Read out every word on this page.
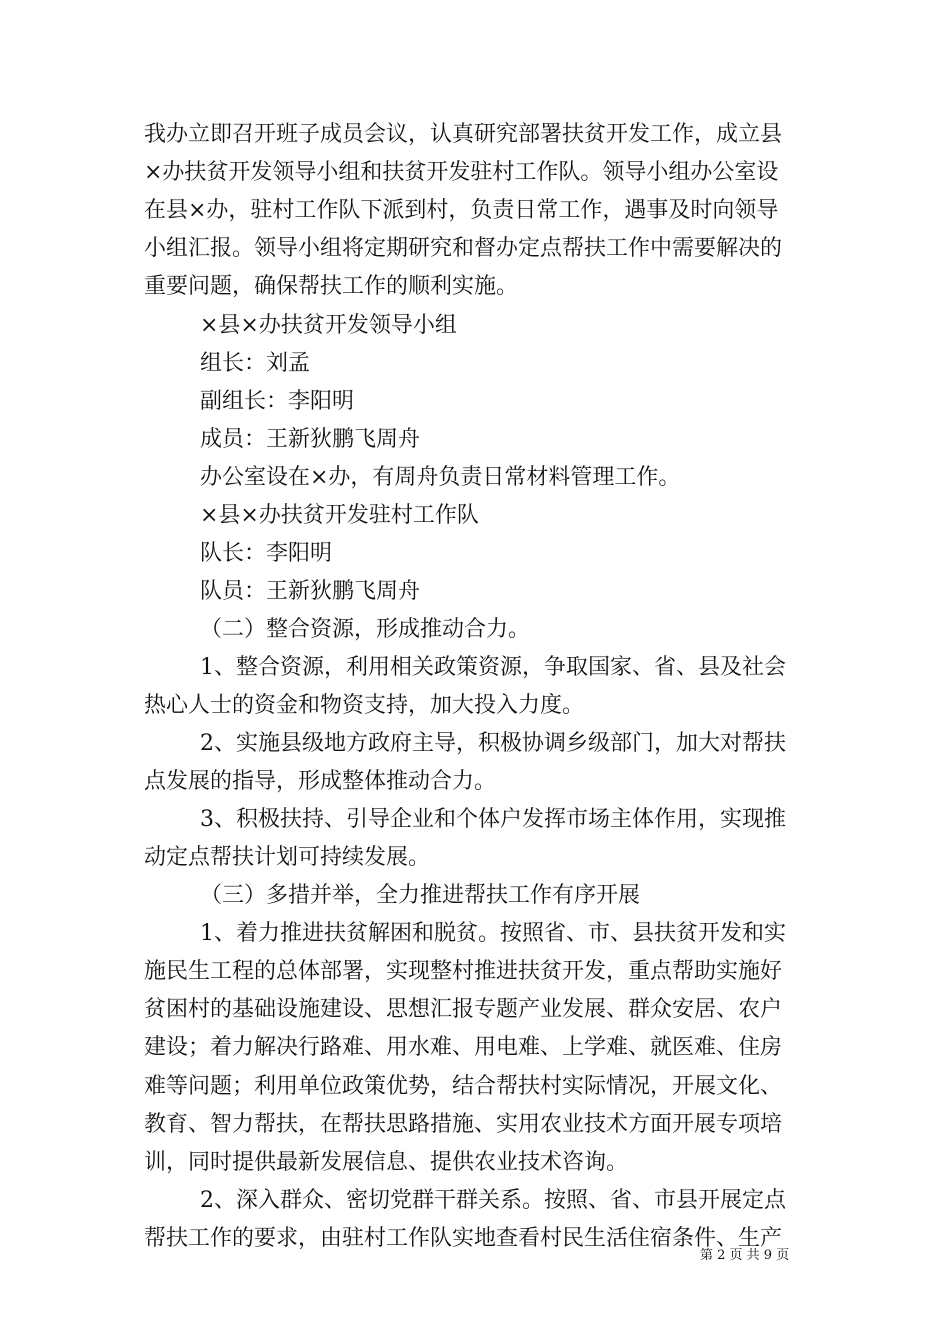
我办立即召开班子成员会议，认真研究部署扶贫开发工作，成立县
×办扶贫开发领导小组和扶贫开发驻村工作队。领导小组办公室设
在县×办，驻村工作队下派到村，负责日常工作，遇事及时向领导
小组汇报。领导小组将定期研究和督办定点帮扶工作中需要解决的
重要问题，确保帮扶工作的顺利实施。
×县×办扶贫开发领导小组
组长：刘孟
副组长：李阳明
成员：王新狄鹏飞周舟
办公室设在×办，有周舟负责日常材料管理工作。
×县×办扶贫开发驻村工作队
队长：李阳明
队员：王新狄鹏飞周舟
（二）整合资源，形成推动合力。
1、整合资源，利用相关政策资源，争取国家、省、县及社会
热心人士的资金和物资支持，加大投入力度。
2、实施县级地方政府主导，积极协调乡级部门，加大对帮扶
点发展的指导，形成整体推动合力。
3、积极扶持、引导企业和个体户发挥市场主体作用，实现推
动定点帮扶计划可持续发展。
（三）多措并举，全力推进帮扶工作有序开展
1、着力推进扶贫解困和脱贫。按照省、市、县扶贫开发和实
施民生工程的总体部署，实现整村推进扶贫开发，重点帮助实施好
贫困村的基础设施建设、思想汇报专题产业发展、群众安居、农户
建设；着力解决行路难、用水难、用电难、上学难、就医难、住房
难等问题；利用单位政策优势，结合帮扶村实际情况，开展文化、
教育、智力帮扶，在帮扶思路措施、实用农业技术方面开展专项培
训，同时提供最新发展信息、提供农业技术咨询。
2、深入群众、密切党群干群关系。按照、省、市县开展定点
帮扶工作的要求，由驻村工作队实地查看村民生活住宿条件、生产
第 2 页 共 9 页
